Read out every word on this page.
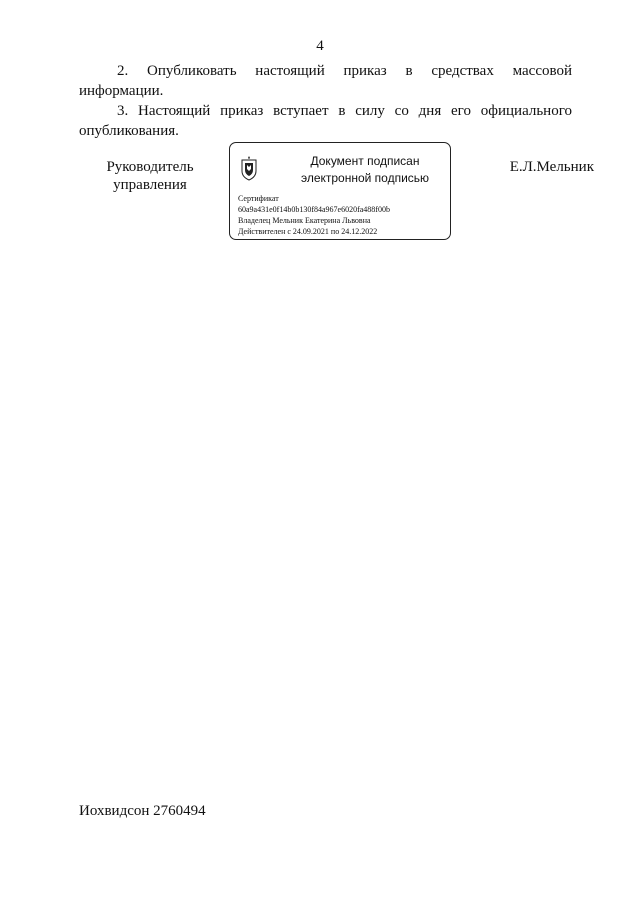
4
2. Опубликовать настоящий приказ в средствах массовой
информации.
3. Настоящий приказ вступает в силу со дня его официального
опубликования.
Руководитель
управления
Документ подписан
электронной подписью
Сертификат
60a9a431e0f14b0b130f84a967e6020fa488f00b
Владелец Мельник Екатерина Львовна
Действителен с 24.09.2021 по 24.12.2022
Е.Л.Мельник
Иохвидсон 2760494
